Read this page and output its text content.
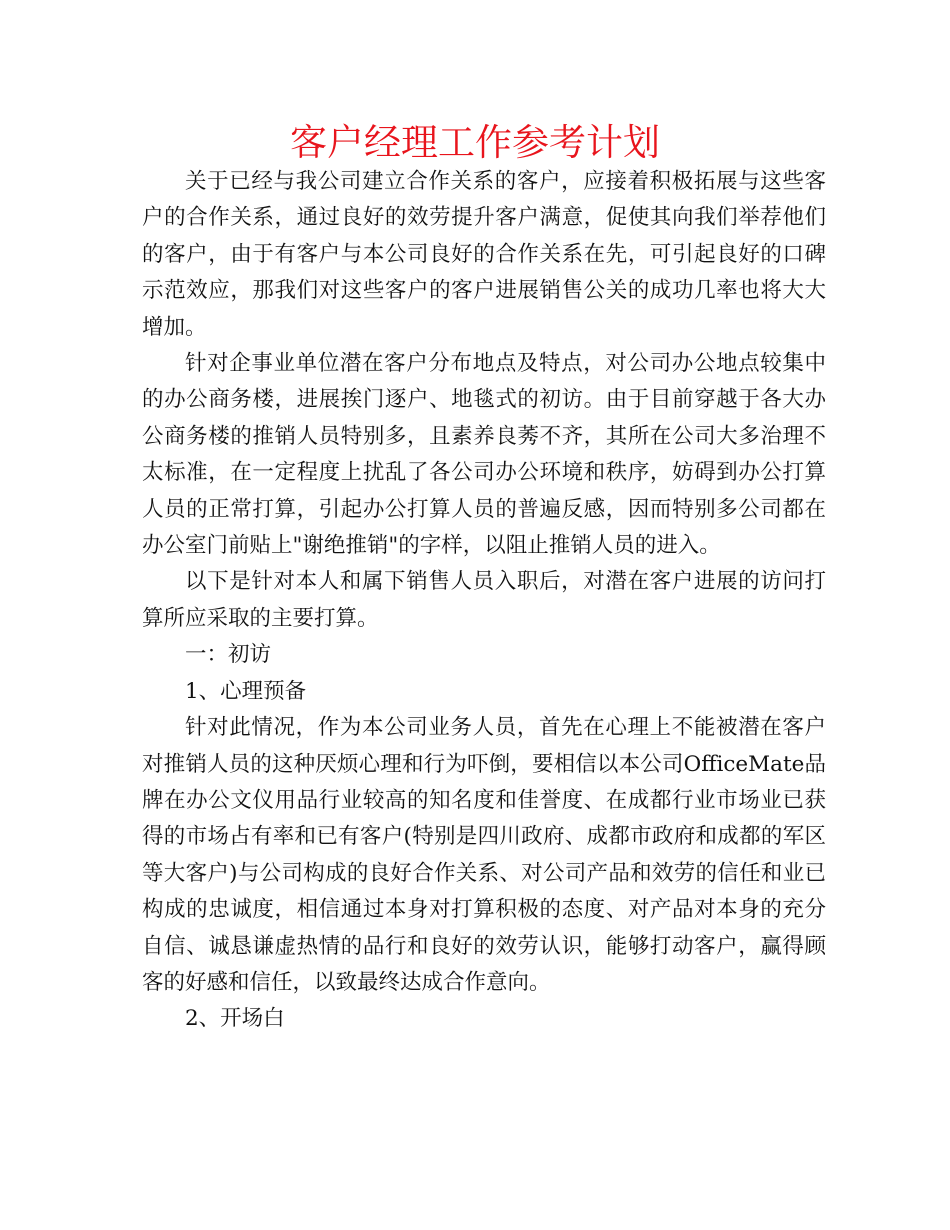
客户经理工作参考计划

关于已经与我公司建立合作关系的客户，应接着积极拓展与这些客户的合作关系，通过良好的效劳提升客户满意，促使其向我们举荐他们的客户，由于有客户与本公司良好的合作关系在先，可引起良好的口碑示范效应，那我们对这些客户的客户进展销售公关的成功几率也将大大增加。

针对企事业单位潜在客户分布地点及特点，对公司办公地点较集中的办公商务楼，进展挨门逐户、地毯式的初访。由于目前穿越于各大办公商务楼的推销人员特别多，且素养良莠不齐，其所在公司大多治理不太标准，在一定程度上扰乱了各公司办公环境和秩序，妨碍到办公打算人员的正常打算，引起办公打算人员的普遍反感，因而特别多公司都在办公室门前贴上"谢绝推销"的字样，以阻止推销人员的进入。

以下是针对本人和属下销售人员入职后，对潜在客户进展的访问打算所应采取的主要打算。

一：初访

1、心理预备

针对此情况，作为本公司业务人员，首先在心理上不能被潜在客户对推销人员的这种厌烦心理和行为吓倒，要相信以本公司OfficeMate品牌在办公文仪用品行业较高的知名度和佳誉度、在成都行业市场业已获得的市场占有率和已有客户(特别是四川政府、成都市政府和成都的军区等大客户)与公司构成的良好合作关系、对公司产品和效劳的信任和业已构成的忠诚度，相信通过本身对打算积极的态度、对产品对本身的充分自信、诚恳谦虚热情的品行和良好的效劳认识，能够打动客户，赢得顾客的好感和信任，以致最终达成合作意向。

2、开场白
